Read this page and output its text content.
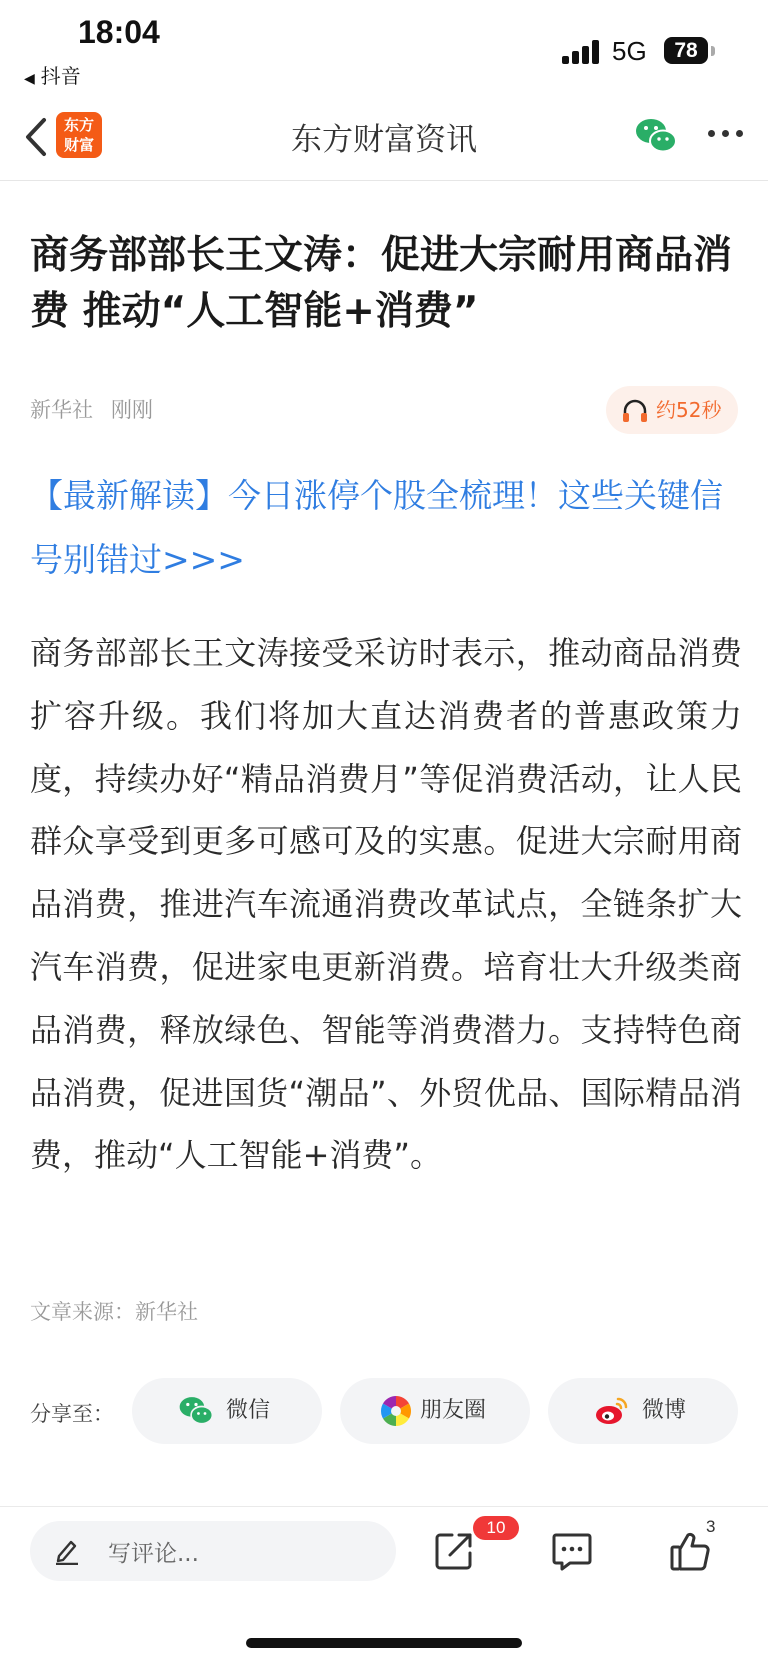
18:04
◀ 抖音
5G	78
东方
财富	东方财富资讯
商务部部长王文涛：促进大宗耐用商品消费 推动“人工智能+消费”
新华社 刚刚	约52秒
【最新解读】今日涨停个股全梳理！这些关键信号别错过>>>
商务部部长王文涛接受采访时表示，推动商品消费扩容升级。我们将加大直达消费者的普惠政策力度，持续办好“精品消费月”等促消费活动，让人民群众享受到更多可感可及的实惠。促进大宗耐用商品消费，推进汽车流通消费改革试点，全链条扩大汽车消费，促进家电更新消费。培育壮大升级类商品消费，释放绿色、智能等消费潜力。支持特色商品消费，促进国货“潮品”、外贸优品、国际精品消费，推动“人工智能+消费”。
文章来源：新华社
分享至：	微信	朋友圈	微博
写评论...
10	3
